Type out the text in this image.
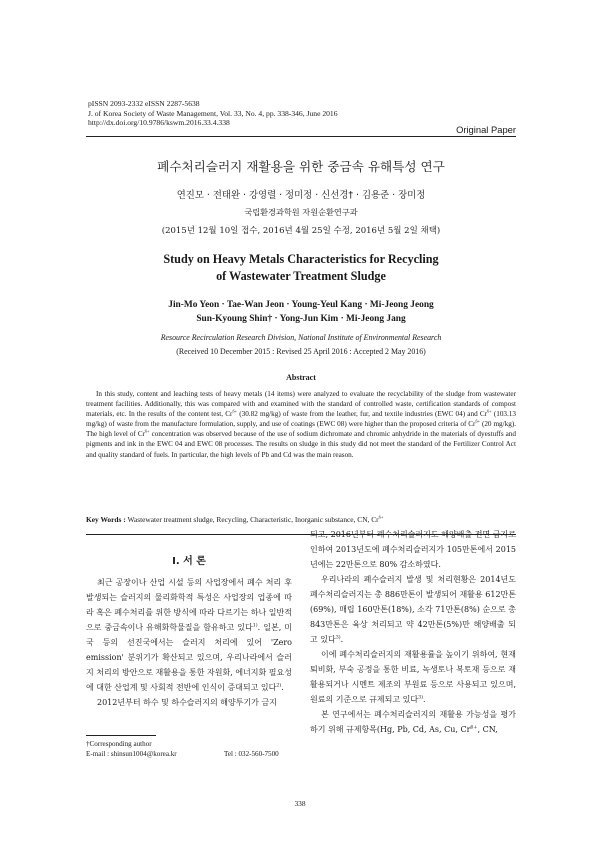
pISSN 2093-2332 eISSN 2287-5638
J. of Korea Society of Waste Management, Vol. 33, No. 4, pp. 338-346, June 2016
http://dx.doi.org/10.9786/kswm.2016.33.4.338
Original Paper
폐수처리슬러지 재활용을 위한 중금속 유해특성 연구
연진모 · 전태완 · 강영렬 · 정미정 · 신선경† · 김용준 · 장미정
국립환경과학원 자원순환연구과
(2015년 12월 10일 접수, 2016년 4월 25일 수정, 2016년 5월 2일 채택)
Study on Heavy Metals Characteristics for Recycling
of Wastewater Treatment Sludge
Jin-Mo Yeon · Tae-Wan Jeon · Young-Yeul Kang · Mi-Jeong Jeong
Sun-Kyoung Shin† · Yong-Jun Kim · Mi-Jeong Jang
Resource Recirculation Research Division, National Institute of Environmental Research
(Received 10 December 2015 : Revised 25 April 2016 : Accepted 2 May 2016)
Abstract
In this study, content and leaching tests of heavy metals (14 items) were analyzed to evaluate the recyclability of the sludge from wastewater treatment facilities. Additionally, this was compared with and examined with the standard of controlled waste, certification standards of compost materials, etc. In the results of the content test, $Cr^{6+}$ (30.82 mg/kg) of waste from the leather, fur, and textile industries (EWC 04) and $Cr^{6+}$ (103.13 mg/kg) of waste from the manufacture formulation, supply, and use of coatings (EWC 08) were higher than the proposed criteria of $Cr^{6+}$ (20 mg/kg). The high level of $Cr^{6+}$ concentration was observed because of the use of sodium dichromate and chromic anhydride in the materials of dyestuffs and pigments and ink in the EWC 04 and EWC 08 processes. The results on sludge in this study did not meet the standard of the Fertilizer Control Act and quality standard of fuels. In particular, the high levels of Pb and Cd was the main reason.
Key Words : Wastewater treatment sludge, Recycling, Characteristic, Inorganic substance, CN, $Cr^{6+}$
I. 서 론

최근 공장이나 산업 시설 등의 사업장에서 폐수 처리 후 발생되는 슬러지의 물리화학적 특성은 사업장의 업종에 따라 혹은 폐수처리를 위한 방식에 따라 다르기는 하나 일반적으로 중금속이나 유해화학물질을 함유하고 있다$^{1)}$. 일본, 미국 등의 선진국에서는 슬러지 처리에 있어 'Zero emission' 분위기가 확산되고 있으며, 우리나라에서 슬러지 처리의 방안으로 재활용을 통한 자원화, 에너지화 필요성에 대한 산업계 및 사회적 전반에 인식이 증대되고 있다$^{2)}$.

2012년부터 하수 및 하수슬러지의 해양투기가 금지

†Corresponding author
E-mail : shinsun1004@korea.kr	Tel : 032-560-7500

되고, 2016년부터 폐수처리슬러지도 해양배출 전면 금지로 인하여 2013년도에 폐수처리슬러지가 105만톤에서 2015년에는 22만톤으로 80% 감소하였다.

우리나라의 폐수슬러지 발생 및 처리현황은 2014년도 폐수처리슬러지는 총 886만톤이 발생되어 재활용 612만톤(69%), 매립 160만톤(18%), 소각 71만톤(8%) 순으로 총 843만톤은 육상 처리되고 약 42만톤(5%)만 해양배출 되고 있다$^{3)}$.

이에 폐수처리슬러지의 재활용률을 높이기 위하여, 현재 퇴비화, 부숙 공정을 통한 비료, 녹생토나 복토재 등으로 재활용되거나 시멘트 제조의 부원료 등으로 사용되고 있으며, 원료의 기준으로 규제되고 있다$^{3)}$.

본 연구에서는 폐수처리슬러지의 재활용 가능성을 평가하기 위해 규제항목(Hg, Pb, Cd, As, Cu, $Cr^{6+}$, CN,

338
